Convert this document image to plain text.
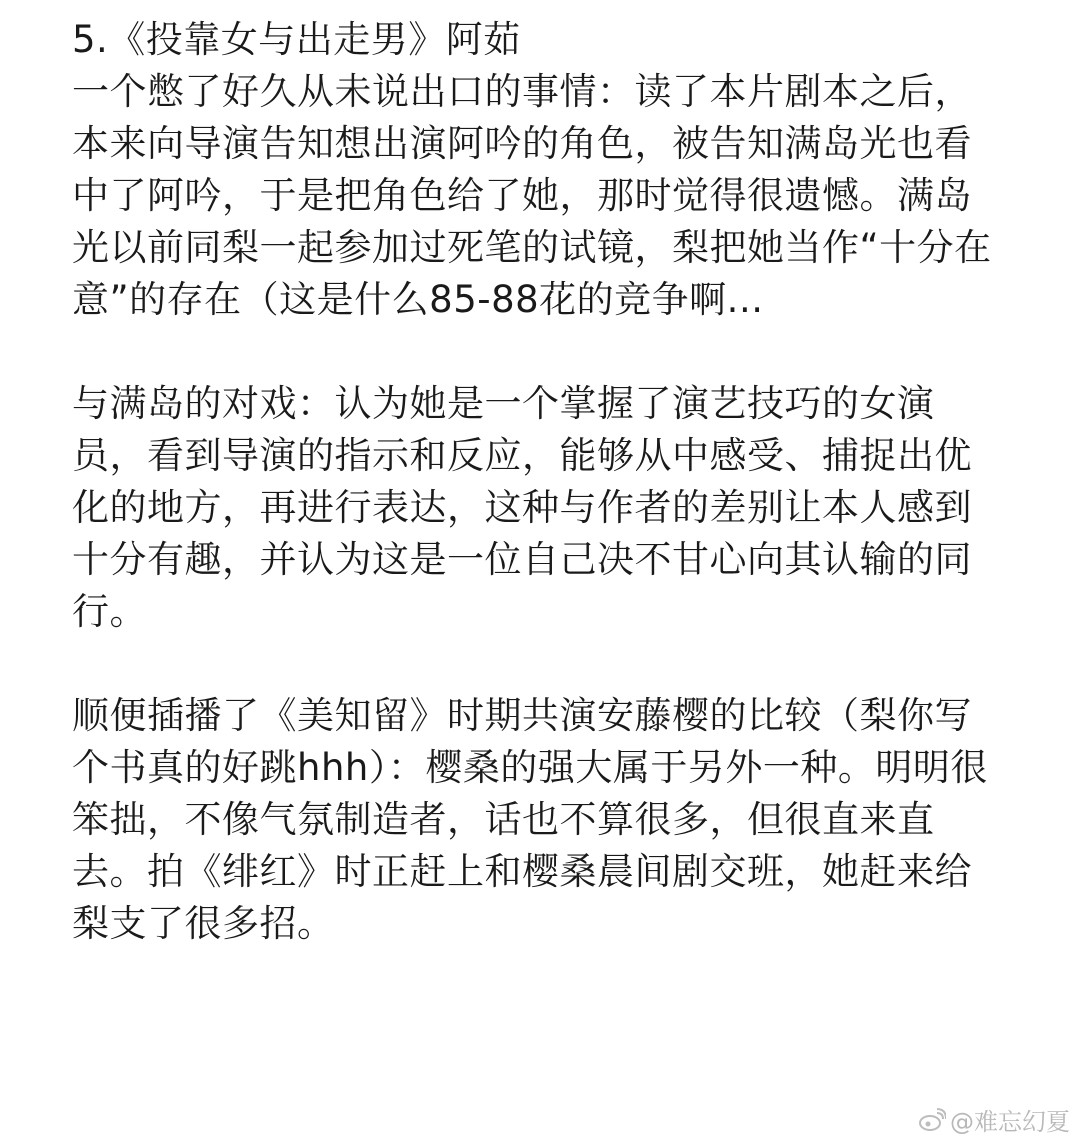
5.《投靠女与出走男》阿茹

一个憋了好久从未说出口的事情：读了本片剧本之后，本来向导演告知想出演阿吟的角色，被告知满岛光也看中了阿吟，于是把角色给了她，那时觉得很遗憾。满岛光以前同梨一起参加过死笔的试镜，梨把她当作“十分在意”的存在（这是什么85-88花的竞争啊...

与满岛的对戏：认为她是一个掌握了演艺技巧的女演员，看到导演的指示和反应，能够从中感受、捕捉出优化的地方，再进行表达，这种与作者的差别让本人感到十分有趣，并认为这是一位自己决不甘心向其认输的同行。

顺便插播了《美知留》时期共演安藤樱的比较（梨你写个书真的好跳hhh）：樱桑的强大属于另外一种。明明很笨拙，不像气氛制造者，话也不算很多，但很直来直去。拍《绯红》时正赶上和樱桑晨间剧交班，她赶来给梨支了很多招。

@难忘幻夏
